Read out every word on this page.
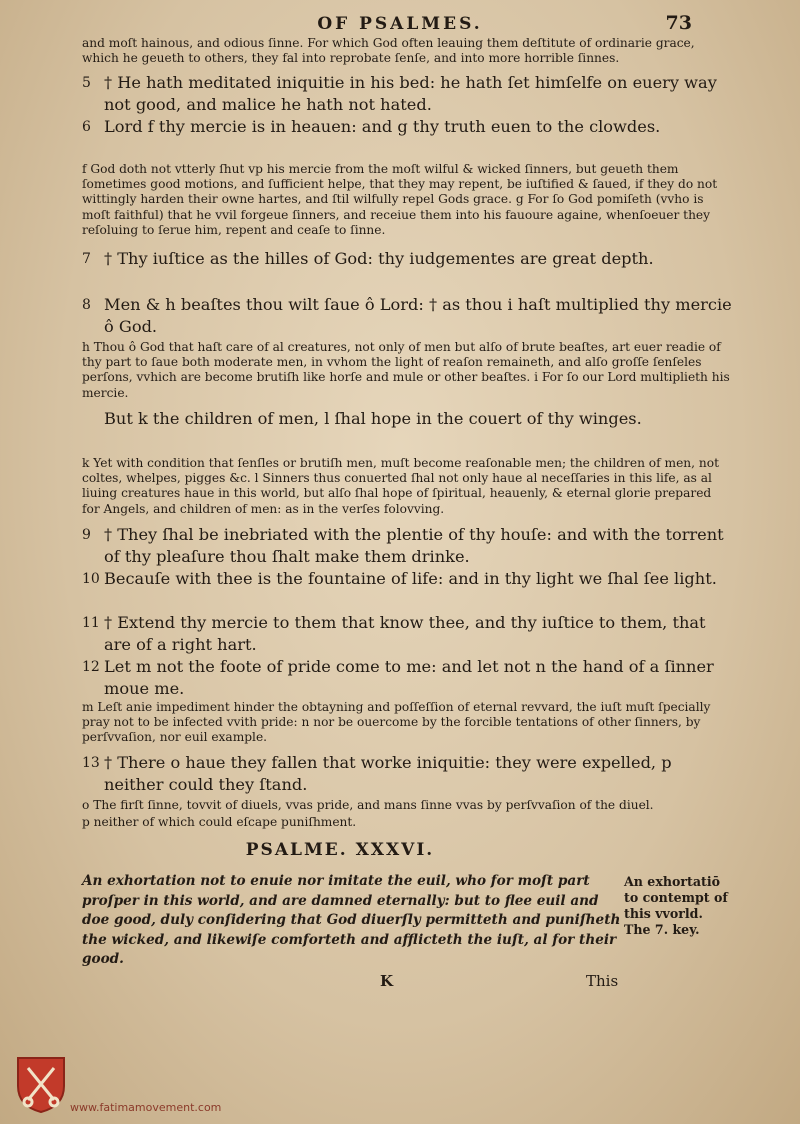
OF PSALMES.	73
and moſt hainous, and odious ſinne. For which God often leauing them deſtitute of ordinarie grace, which he geueth to others, they fal into reprobate ſenſe, and into more horrible ſinnes.
5 † He hath meditated iniquitie in his bed: he hath ſet himſelfe on euery way not good, and malice he hath not hated.
6 Lord f thy mercie is in heauen: and g thy truth euen to the clowdes.
f God doth not vtterly ſhut vp his mercie from the moſt wilful & wicked ſinners, but geueth them ſometimes good motions, and ſufficient helpe, that they may repent, be iuſtified & ſaued, if they do not wittingly harden their owne hartes, and ſtil wilfully repel Gods grace. g For ſo God pomiſeth (vvho is moſt faithful) that he vvil forgeue ſinners, and receiue them into his fauoure againe, whenſoeuer they reſoluing to ſerue him, repent and ceaſe to ſinne.
7 † Thy iuſtice as the hilles of God: thy iudgementes are great depth.
8 Men & h beaſtes thou wilt ſaue ô Lord: † as thou i haſt multiplied thy mercie ô God.
h Thou ô God that haſt care of al creatures, not only of men but alſo of brute beaſtes, art euer readie of thy part to ſaue both moderate men, in vvhom the light of reaſon remaineth, and alſo groſſe ſenſeles perſons, vvhich are become brutiſh like horſe and mule or other beaſtes. i For ſo our Lord multiplieth his mercie.
But k the children of men, l ſhal hope in the couert of thy winges.
k Yet with condition that ſenſles or brutiſh men, muſt become reaſonable men; the children of men, not coltes, whelpes, pigges &c. l Sinners thus conuerted ſhal not only haue al neceſſaries in this life, as al liuing creatures haue in this world, but alſo ſhal hope of ſpiritual, heauenly, & eternal glorie prepared for Angels, and children of men: as in the verſes folovving.
9 † They ſhal be inebriated with the plentie of thy houſe: and with the torrent of thy pleaſure thou ſhalt make them drinke.
10 Becauſe with thee is the fountaine of life: and in thy light we ſhal ſee light.
11 † Extend thy mercie to them that know thee, and thy iuſtice to them, that are of a right hart.
12 Let m not the foote of pride come to me: and let not n the hand of a ſinner moue me.
m Leſt anie impediment hinder the obtayning and poſſeſſion of eternal revvard, the iuſt muſt ſpecially pray not to be infected vvith pride: n nor be ouercome by the forcible tentations of other ſinners, by perſvvaſion, nor euil example.
13 † There o haue they fallen that worke iniquitie: they were expelled, p neither could they ſtand.
o The firſt ſinne, tovvit of diuels, vvas pride, and mans ſinne vvas by perſvvaſion of the diuel.
p neither of which could eſcape puniſhment.
PSALME. XXXVI.
An exhortation not to enuie nor imitate the euil, who for moſt part proſper in this world, and are damned eternally: but to flee euil and doe good, duly conſidering that God diuerſly permitteth and puniſheth the wicked, and likewiſe comforteth and afflicteth the iuſt, al for their good.
An exhortatiō to contempt of this vvorld.
The 7. key.
K	This
www.fatimamovement.com
